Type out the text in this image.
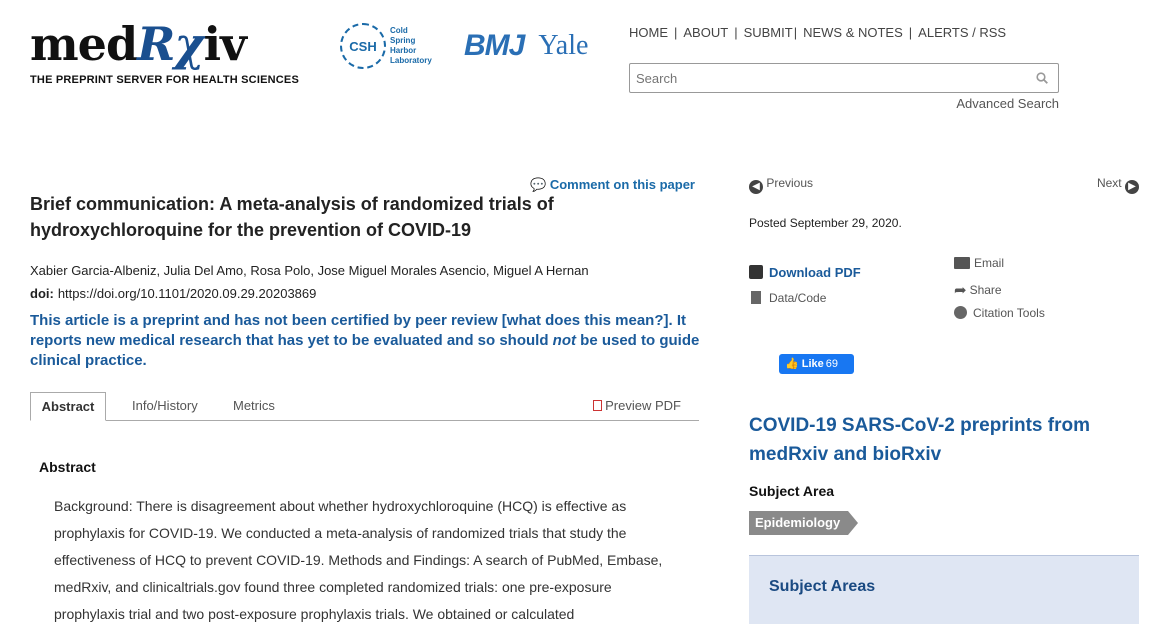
medRχiv
THE PREPRINT SERVER FOR HEALTH SCIENCES
CSH
Cold
Spring
Harbor
Laboratory	BMJ Yale	HOME | ABOUT | SUBMIT| NEWS & NOTES | ALERTS / RSS
Search
Advanced Search
💬 Comment on this paper
Brief communication: A meta-analysis of randomized trials of hydroxychloroquine for the prevention of COVID-19
Xabier Garcia-Albeniz, Julia Del Amo, Rosa Polo, Jose Miguel Morales Asencio, Miguel A Hernan
doi: https://doi.org/10.1101/2020.09.29.20203869
This article is a preprint and has not been certified by peer review [what does this mean?]. It reports new medical research that has yet to be evaluated and so should not be used to guide clinical practice.
Abstract	Info/History	Metrics	Preview PDF
Abstract
Background: There is disagreement about whether hydroxychloroquine (HCQ) is effective as prophylaxis for COVID-19. We conducted a meta-analysis of randomized trials that study the effectiveness of HCQ to prevent COVID-19. Methods and Findings: A search of PubMed, Embase, medRxiv, and clinicaltrials.gov found three completed randomized trials: one pre-exposure prophylaxis trial and two post-exposure prophylaxis trials. We obtained or calculated
◀ Previous	Next ▶
Posted September 29, 2020.
Download PDF
Data/Code
Email
➦ Share
Citation Tools
👍 Like 69
COVID-19 SARS-CoV-2 preprints from medRxiv and bioRxiv
Subject Area
Epidemiology
Subject Areas
